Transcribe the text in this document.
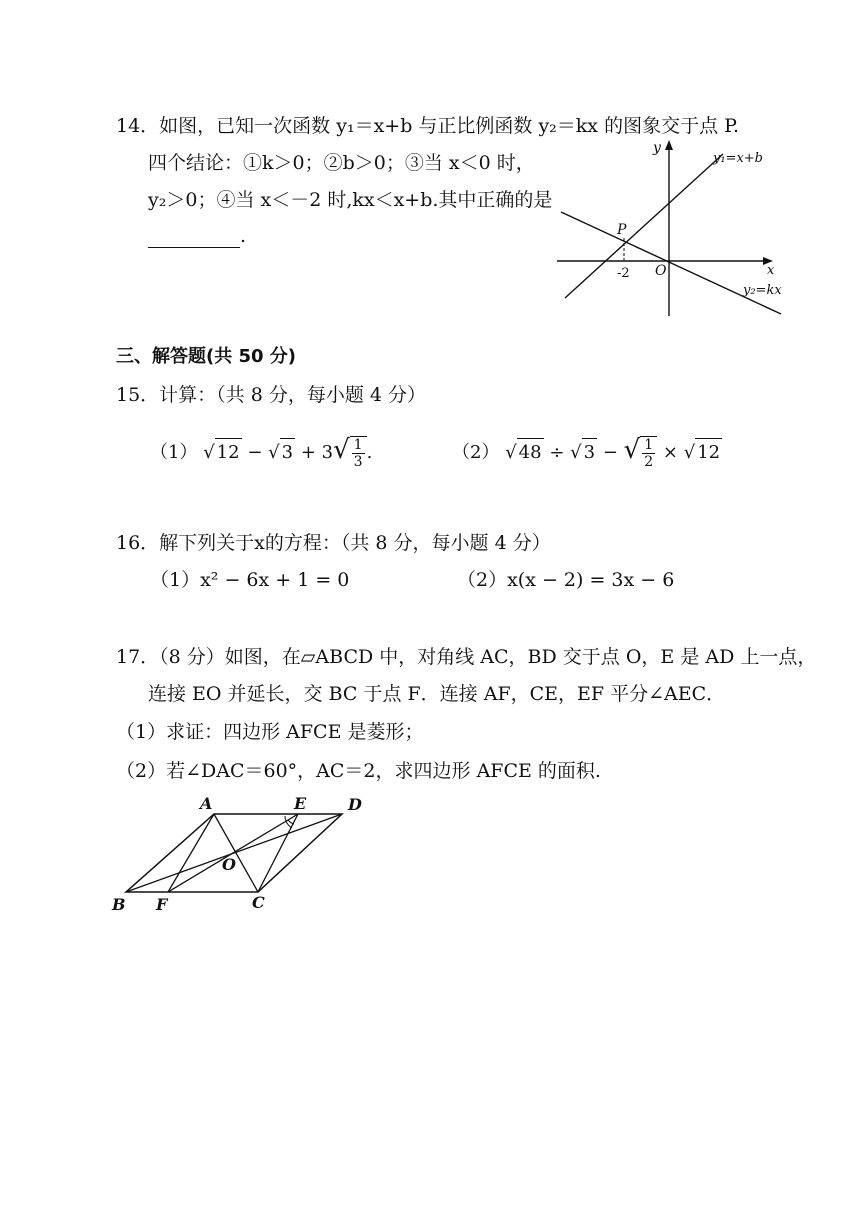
14．如图，已知一次函数 y₁＝x+b 与正比例函数 y₂＝kx 的图象交于点 P.
四个结论：①k＞0；②b＞0；③当 x＜0 时，
y₂＞0；④当 x＜－2 时,kx＜x+b.其中正确的是
.
y
x
O
P
-2
y₁=x+b
y₂=kx
三、解答题(共 50 分)
15．计算：（共 8 分，每小题 4 分）
（1） √ 12 − √ $3 + 3√ \frac{1}{3}$ .	（2） √ 48 ÷ √ 3 − √ $\frac{1}{2}$ × √ 12
16．解下列关于x的方程：（共 8 分，每小题 4 分）
（1）x² − 6x + 1 = 0	（2）x(x − 2) = 3x − 6
17．（8 分）如图，在▱ABCD 中，对角线 AC，BD 交于点 O，E 是 AD 上一点，
连接 EO 并延长，交 BC 于点 F．连接 AF，CE，EF 平分∠AEC．
（1）求证：四边形 AFCE 是菱形；
（2）若∠DAC＝60°，AC＝2，求四边形 AFCE 的面积.
A	E	D
O
B F	C
